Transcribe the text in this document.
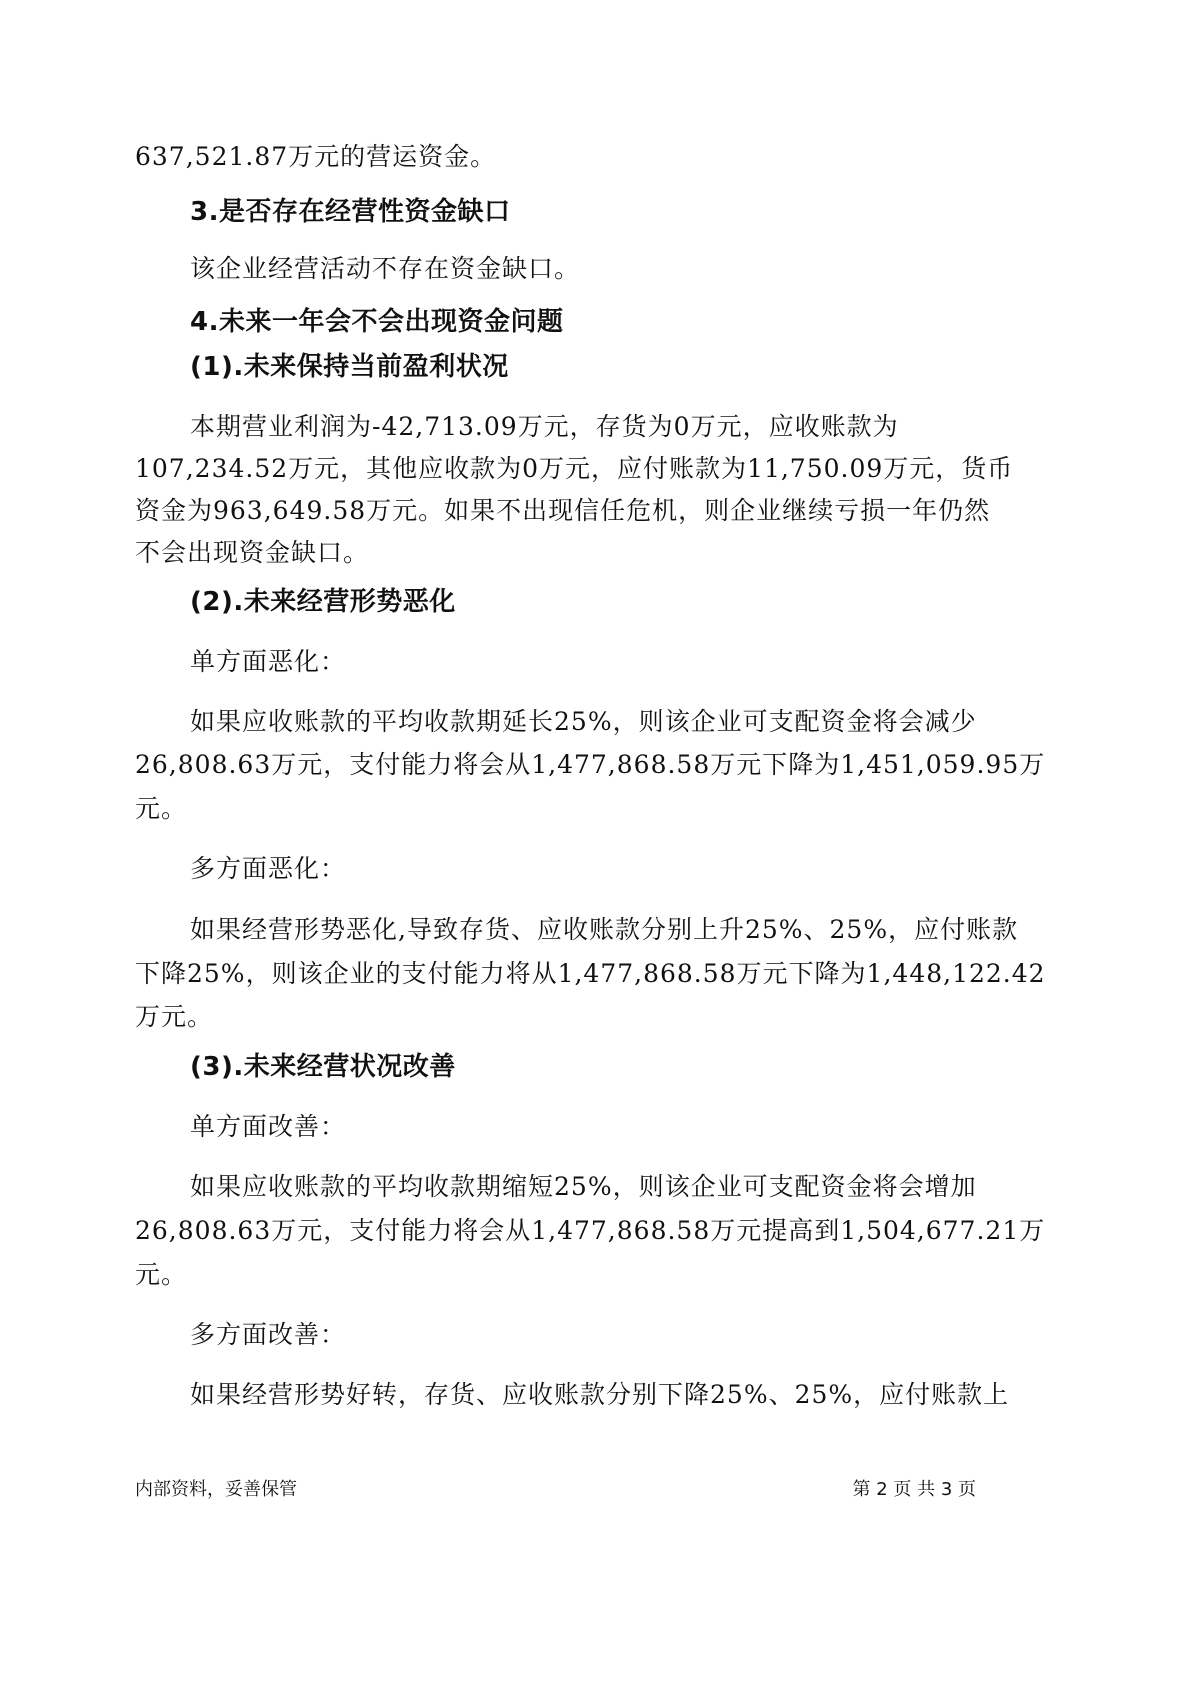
637,521.87万元的营运资金。
3.是否存在经营性资金缺口
该企业经营活动不存在资金缺口。
4.未来一年会不会出现资金问题
(1).未来保持当前盈利状况
本期营业利润为-42,713.09万元，存货为0万元，应收账款为
107,234.52万元，其他应收款为0万元，应付账款为11,750.09万元，货币
资金为963,649.58万元。如果不出现信任危机，则企业继续亏损一年仍然
不会出现资金缺口。
(2).未来经营形势恶化
单方面恶化：
如果应收账款的平均收款期延长25%，则该企业可支配资金将会减少
26,808.63万元，支付能力将会从1,477,868.58万元下降为1,451,059.95万
元。
多方面恶化：
如果经营形势恶化,导致存货、应收账款分别上升25%、25%，应付账款
下降25%，则该企业的支付能力将从1,477,868.58万元下降为1,448,122.42
万元。
(3).未来经营状况改善
单方面改善：
如果应收账款的平均收款期缩短25%，则该企业可支配资金将会增加
26,808.63万元，支付能力将会从1,477,868.58万元提高到1,504,677.21万
元。
多方面改善：
如果经营形势好转，存货、应收账款分别下降25%、25%，应付账款上
内部资料，妥善保管	第 2 页 共 3 页
